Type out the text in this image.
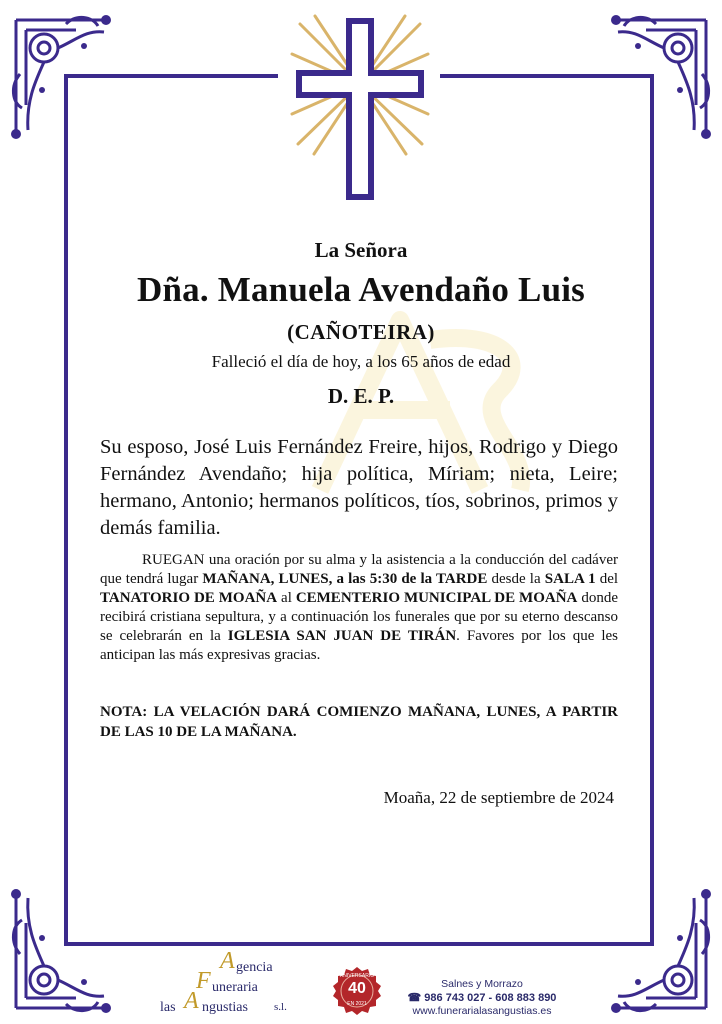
La Señora
Dña. Manuela Avendaño Luis
(CAÑOTEIRA)
Falleció el día de hoy, a los 65 años de edad
D. E. P.
Su esposo, José Luis Fernández Freire, hijos, Rodrigo y Diego Fernández Avendaño; hija política, Míriam; nieta, Leire; hermano, Antonio; hermanos políticos, tíos, sobrinos, primos y demás familia.
RUEGAN una oración por su alma y la asistencia a la conducción del cadáver que tendrá lugar MAÑANA, LUNES, a las 5:30 de la TARDE desde la SALA 1 del TANATORIO DE MOAÑA al CEMENTERIO MUNICIPAL DE MOAÑA donde recibirá cristiana sepultura, y a continuación los funerales que por su eterno descanso se celebrarán en la IGLESIA SAN JUAN DE TIRÁN. Favores por los que les anticipan las más expresivas gracias.
NOTA: LA VELACIÓN DARÁ COMIENZO MAÑANA, LUNES, A PARTIR DE LAS 10 DE LA MAÑANA.
Moaña, 22 de septiembre de 2024
A gencia
F uneraria
las A ngustias s.l.
40
ANIVERSARIO
EN 2021
Salnes y Morrazo
☎ 986 743 027 - 608 883 890
www.funerarialasangustias.es
